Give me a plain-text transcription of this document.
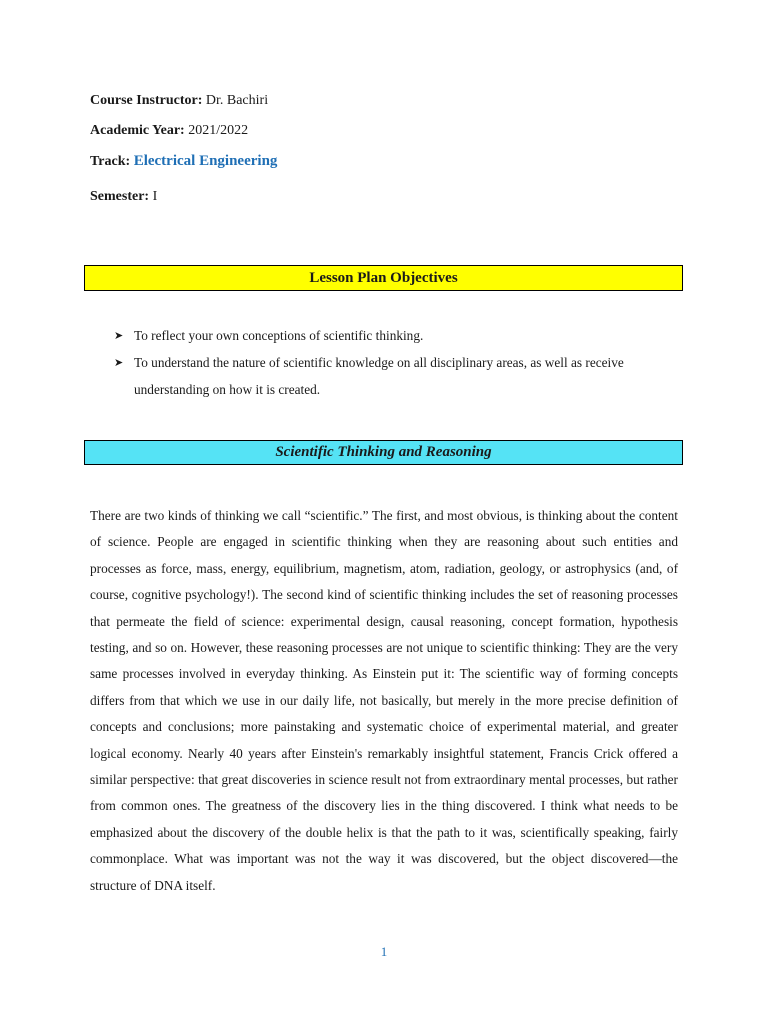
Course Instructor: Dr. Bachiri
Academic Year: 2021/2022
Track: Electrical Engineering
Semester: I
Lesson Plan Objectives
➤ To reflect your own conceptions of scientific thinking.
➤ To understand the nature of scientific knowledge on all disciplinary areas, as well as receive understanding on how it is created.
Scientific Thinking and Reasoning
There are two kinds of thinking we call “scientific.” The first, and most obvious, is thinking about the content of science. People are engaged in scientific thinking when they are reasoning about such entities and processes as force, mass, energy, equilibrium, magnetism, atom, radiation, geology, or astrophysics (and, of course, cognitive psychology!). The second kind of scientific thinking includes the set of reasoning processes that permeate the field of science: experimental design, causal reasoning, concept formation, hypothesis testing, and so on. However, these reasoning processes are not unique to scientific thinking: They are the very same processes involved in everyday thinking. As Einstein put it: The scientific way of forming concepts differs from that which we use in our daily life, not basically, but merely in the more precise definition of concepts and conclusions; more painstaking and systematic choice of experimental material, and greater logical economy. Nearly 40 years after Einstein's remarkably insightful statement, Francis Crick offered a similar perspective: that great discoveries in science result not from extraordinary mental processes, but rather from common ones. The greatness of the discovery lies in the thing discovered. I think what needs to be emphasized about the discovery of the double helix is that the path to it was, scientifically speaking, fairly commonplace. What was important was not the way it was discovered, but the object discovered—the structure of DNA itself.
1
